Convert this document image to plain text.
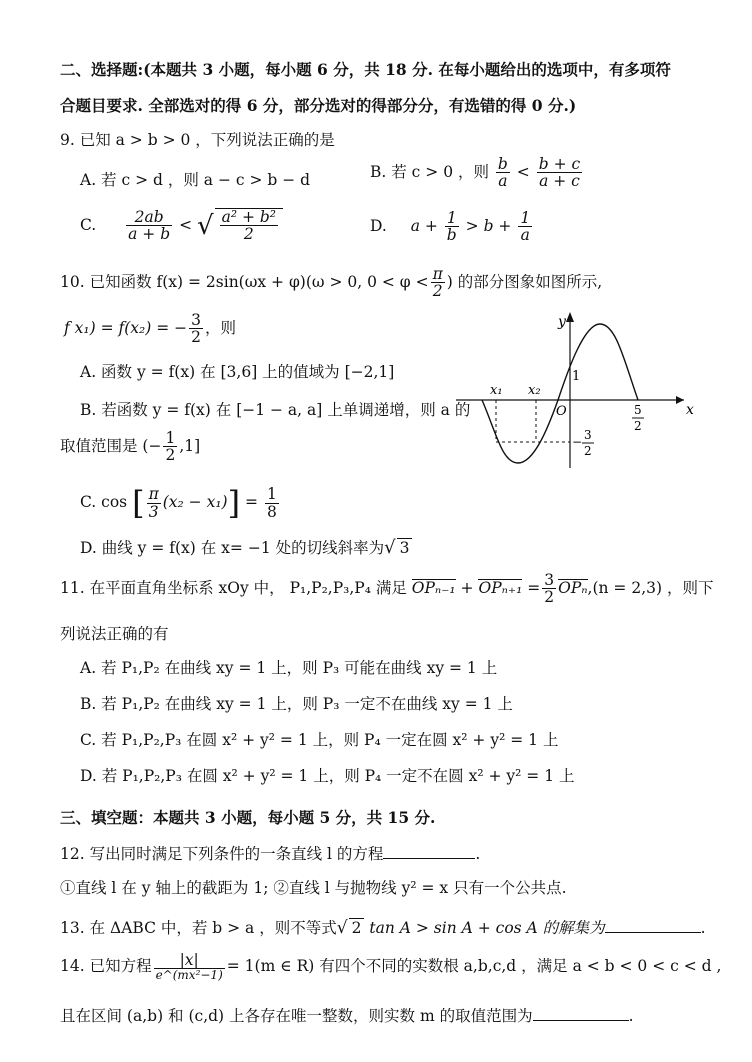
二、选择题:(本题共 3 小题，每小题 6 分，共 18 分. 在每小题给出的选项中，有多项符
合题目要求. 全部选对的得 6 分，部分选对的得部分分，有选错的得 0 分.)
9. 已知 a > b > 0 ，下列说法正确的是
A. 若 c > d ，则 a − c > b − d	B. 若 c > 0 ，则 $\frac{b}{a} < \frac{b + c}{a + c}$
C. $\frac{2ab}{a + b}$ < √ $\frac{\text{a² + b²}}{2}$	D. $a + \frac{1}{b} > b + \frac{1}{a}$
10. 已知函数 f(x) = 2sin(ωx + φ)(ω > 0, $0 < \varphi < \frac{\pi}{2}$ ) 的部分图象如图所示,
f x₁) = f(x₂) = − $\frac{3}{2}$ ，则
A. 函数 y = f(x) 在 [3,6] 上的值域为 [−2,1]
B. 若函数 y = f(x) 在 [−1 − a, a] 上单调递增，则 a 的
取值范围是 (− $\frac{1}{2} ,1$]
C. cos [ $\frac{\pi}{3} (x_2 - x_1)] = \frac{1}{8}$
D. 曲线 y = f(x) 在 x= −1 处的切线斜率为√ 3
y
x
O
x₁ x₂
1
5
2
− 3
2
11. 在平面直角坐标系 xOy 中， P₁,P₂,P₃,P₄ 满足 $OP_{n-1} + OP_{n+1} = \frac{3}{2} OP_n,(n = 2,3)$ ，则下
列说法正确的有
A. 若 P₁,P₂ 在曲线 xy = 1 上，则 P₃ 可能在曲线 xy = 1 上
B. 若 P₁,P₂ 在曲线 xy = 1 上，则 P₃ 一定不在曲线 xy = 1 上
C. 若 P₁,P₂,P₃ 在圆 x² + y² = 1 上，则 P₄ 一定在圆 x² + y² = 1 上
D. 若 P₁,P₂,P₃ 在圆 x² + y² = 1 上，则 P₄ 一定不在圆 x² + y² = 1 上
三、填空题：本题共 3 小题，每小题 5 分，共 15 分.
12. 写出同时满足下列条件的一条直线 l 的方程	.
①直线 l 在 y 轴上的截距为 1; ②直线 l 与抛物线 y² = x 只有一个公共点.
13. 在 ΔABC 中，若 b > a ，则不等式√ 2 tan A > sin A + cos A 的解集为	.
14. 已知方程 $\frac{|x|}{\text{e\textasciicircum{}(mx²−1)}} = 1(m$ ∈ R) 有四个不同的实数根 a,b,c,d ，满足 a < b < 0 < c < d ,
且在区间 (a,b) 和 (c,d) 上各存在唯一整数，则实数 m 的取值范围为	.
